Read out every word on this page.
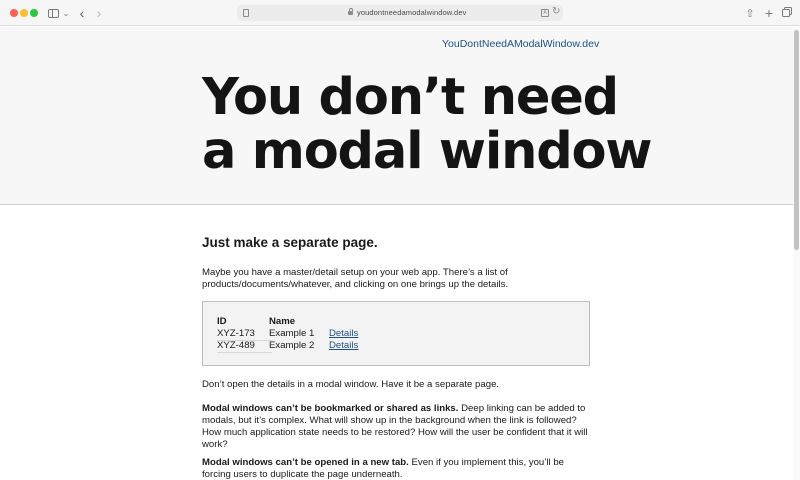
⌄ ‹ ›	youdontneedamodalwindow.dev	A ↻	⇧ +
YouDontNeedAModalWindow.dev
You don’t need
a modal window
Just make a separate page.

Maybe you have a master/detail setup on your web app. There’s a list of products/documents/whatever, and clicking on one brings up the details.

ID	Name
XYZ-173	Example 1	Details
XYZ-489	Example 2	Details

Don’t open the details in a modal window. Have it be a separate page.

Modal windows can’t be bookmarked or shared as links. Deep linking can be added to modals, but it’s complex. What will show up in the background when the link is followed? How much application state needs to be restored? How will the user be confident that it will work?

Modal windows can’t be opened in a new tab. Even if you implement this, you’ll be forcing users to duplicate the page underneath.
